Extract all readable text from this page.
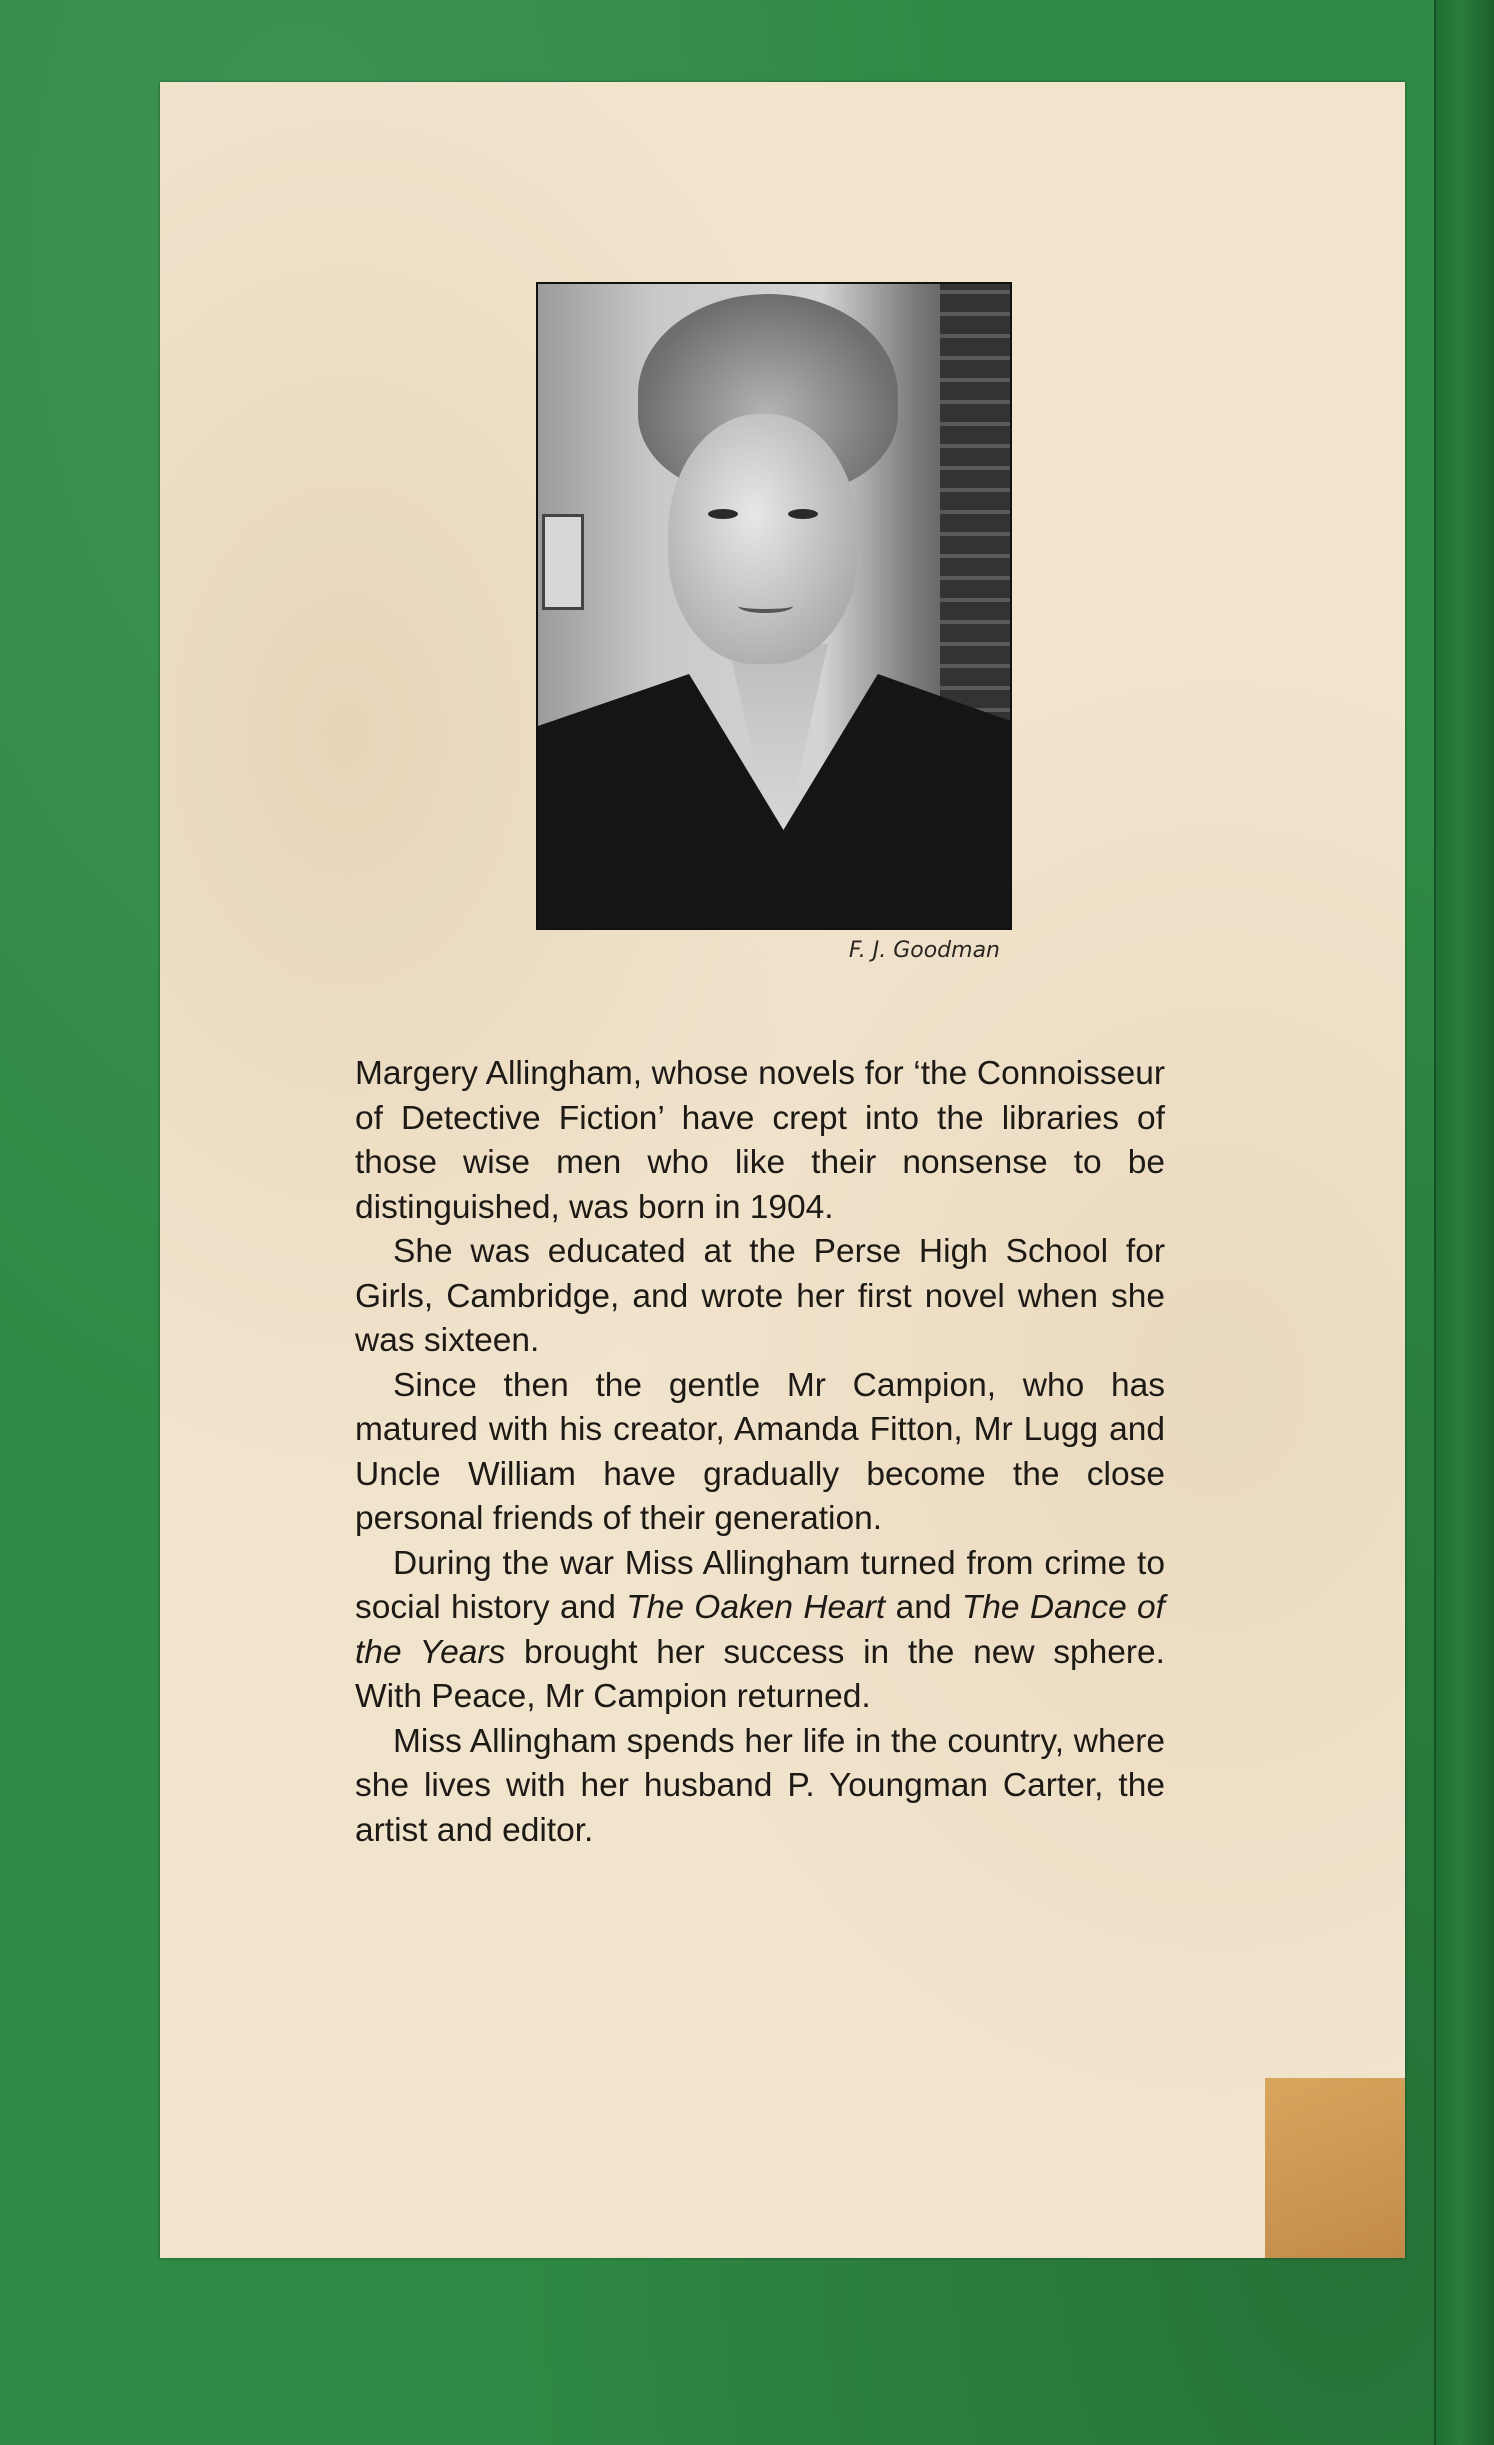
F. J. Goodman

Margery Allingham, whose novels for ‘the Connoisseur of Detective Fiction’ have crept into the libraries of those wise men who like their nonsense to be distinguished, was born in 1904.

She was educated at the Perse High School for Girls, Cambridge, and wrote her first novel when she was sixteen.

Since then the gentle Mr Campion, who has matured with his creator, Amanda Fitton, Mr Lugg and Uncle William have gradually become the close personal friends of their generation.

During the war Miss Allingham turned from crime to social history and The Oaken Heart and The Dance of the Years brought her success in the new sphere. With Peace, Mr Campion returned.

Miss Allingham spends her life in the country, where she lives with her husband P. Youngman Carter, the artist and editor.
